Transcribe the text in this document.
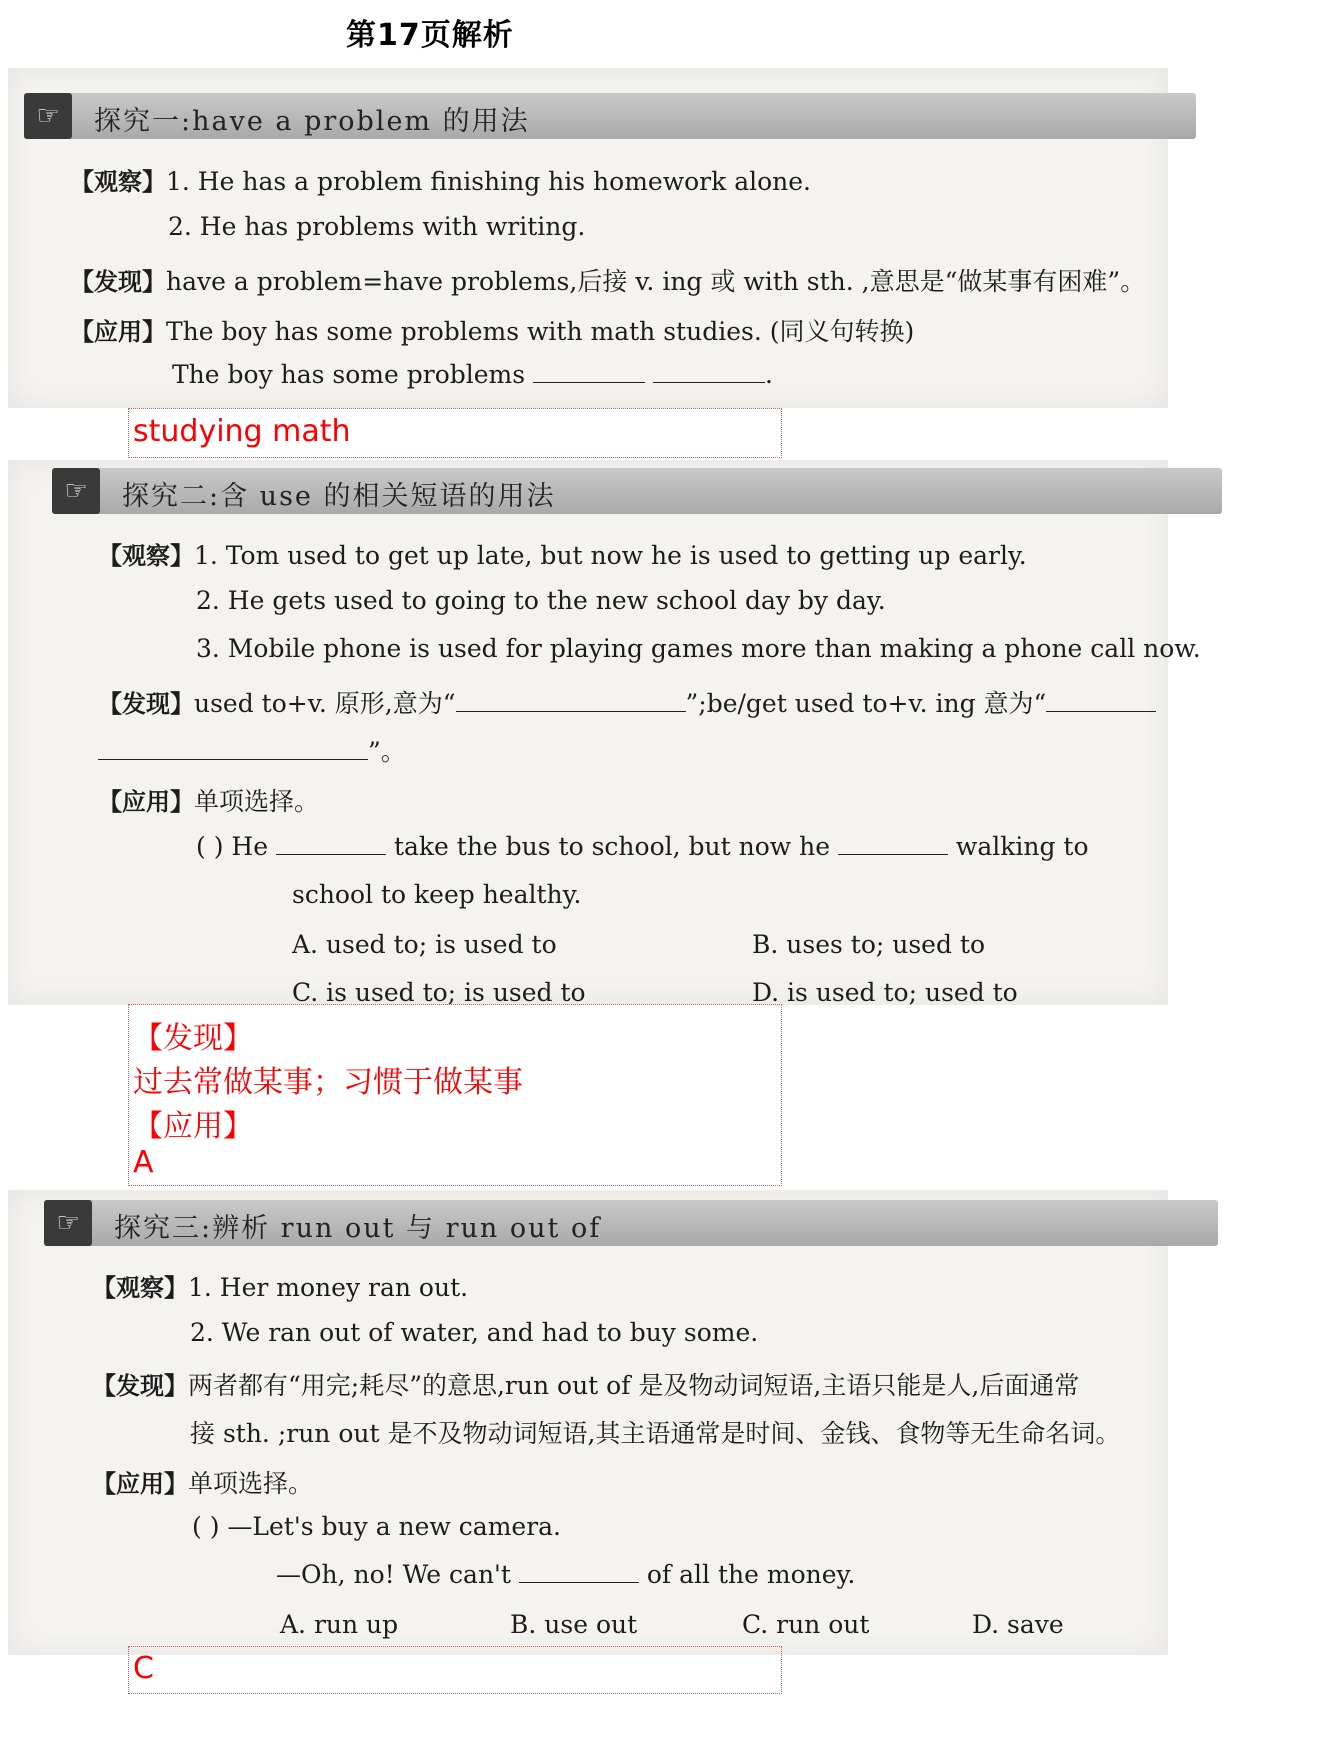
第17页解析
☞	探究一:have a problem 的用法
【观察】1. He has a problem finishing his homework alone.
2. He has problems with writing.
【发现】have a problem=have problems,后接 v. ing 或 with sth. ,意思是“做某事有困难”。
【应用】The boy has some problems with math studies. (同义句转换)
The boy has some problems	.
studying math
☞	探究二:含 use 的相关短语的用法
【观察】1. Tom used to get up late, but now he is used to getting up early.
2. He gets used to going to the new school day by day.
3. Mobile phone is used for playing games more than making a phone call now.
【发现】used to+v. 原形,意为“	”;be/get used to+v. ing 意为“
”。
【应用】单项选择。
( ) He	take the bus to school, but now he	walking to
school to keep healthy.
A. used to; is used to	B. uses to; used to
C. is used to; is used to	D. is used to; used to
【发现】
过去常做某事；习惯于做某事
【应用】
A
☞	探究三:辨析 run out 与 run out of
【观察】1. Her money ran out.
2. We ran out of water, and had to buy some.
【发现】两者都有“用完;耗尽”的意思,run out of 是及物动词短语,主语只能是人,后面通常
接 sth. ;run out 是不及物动词短语,其主语通常是时间、金钱、食物等无生命名词。
【应用】单项选择。
( ) —Let's buy a new camera.
—Oh, no! We can't	of all the money.
A. run up	B. use out	C. run out	D. save
C
